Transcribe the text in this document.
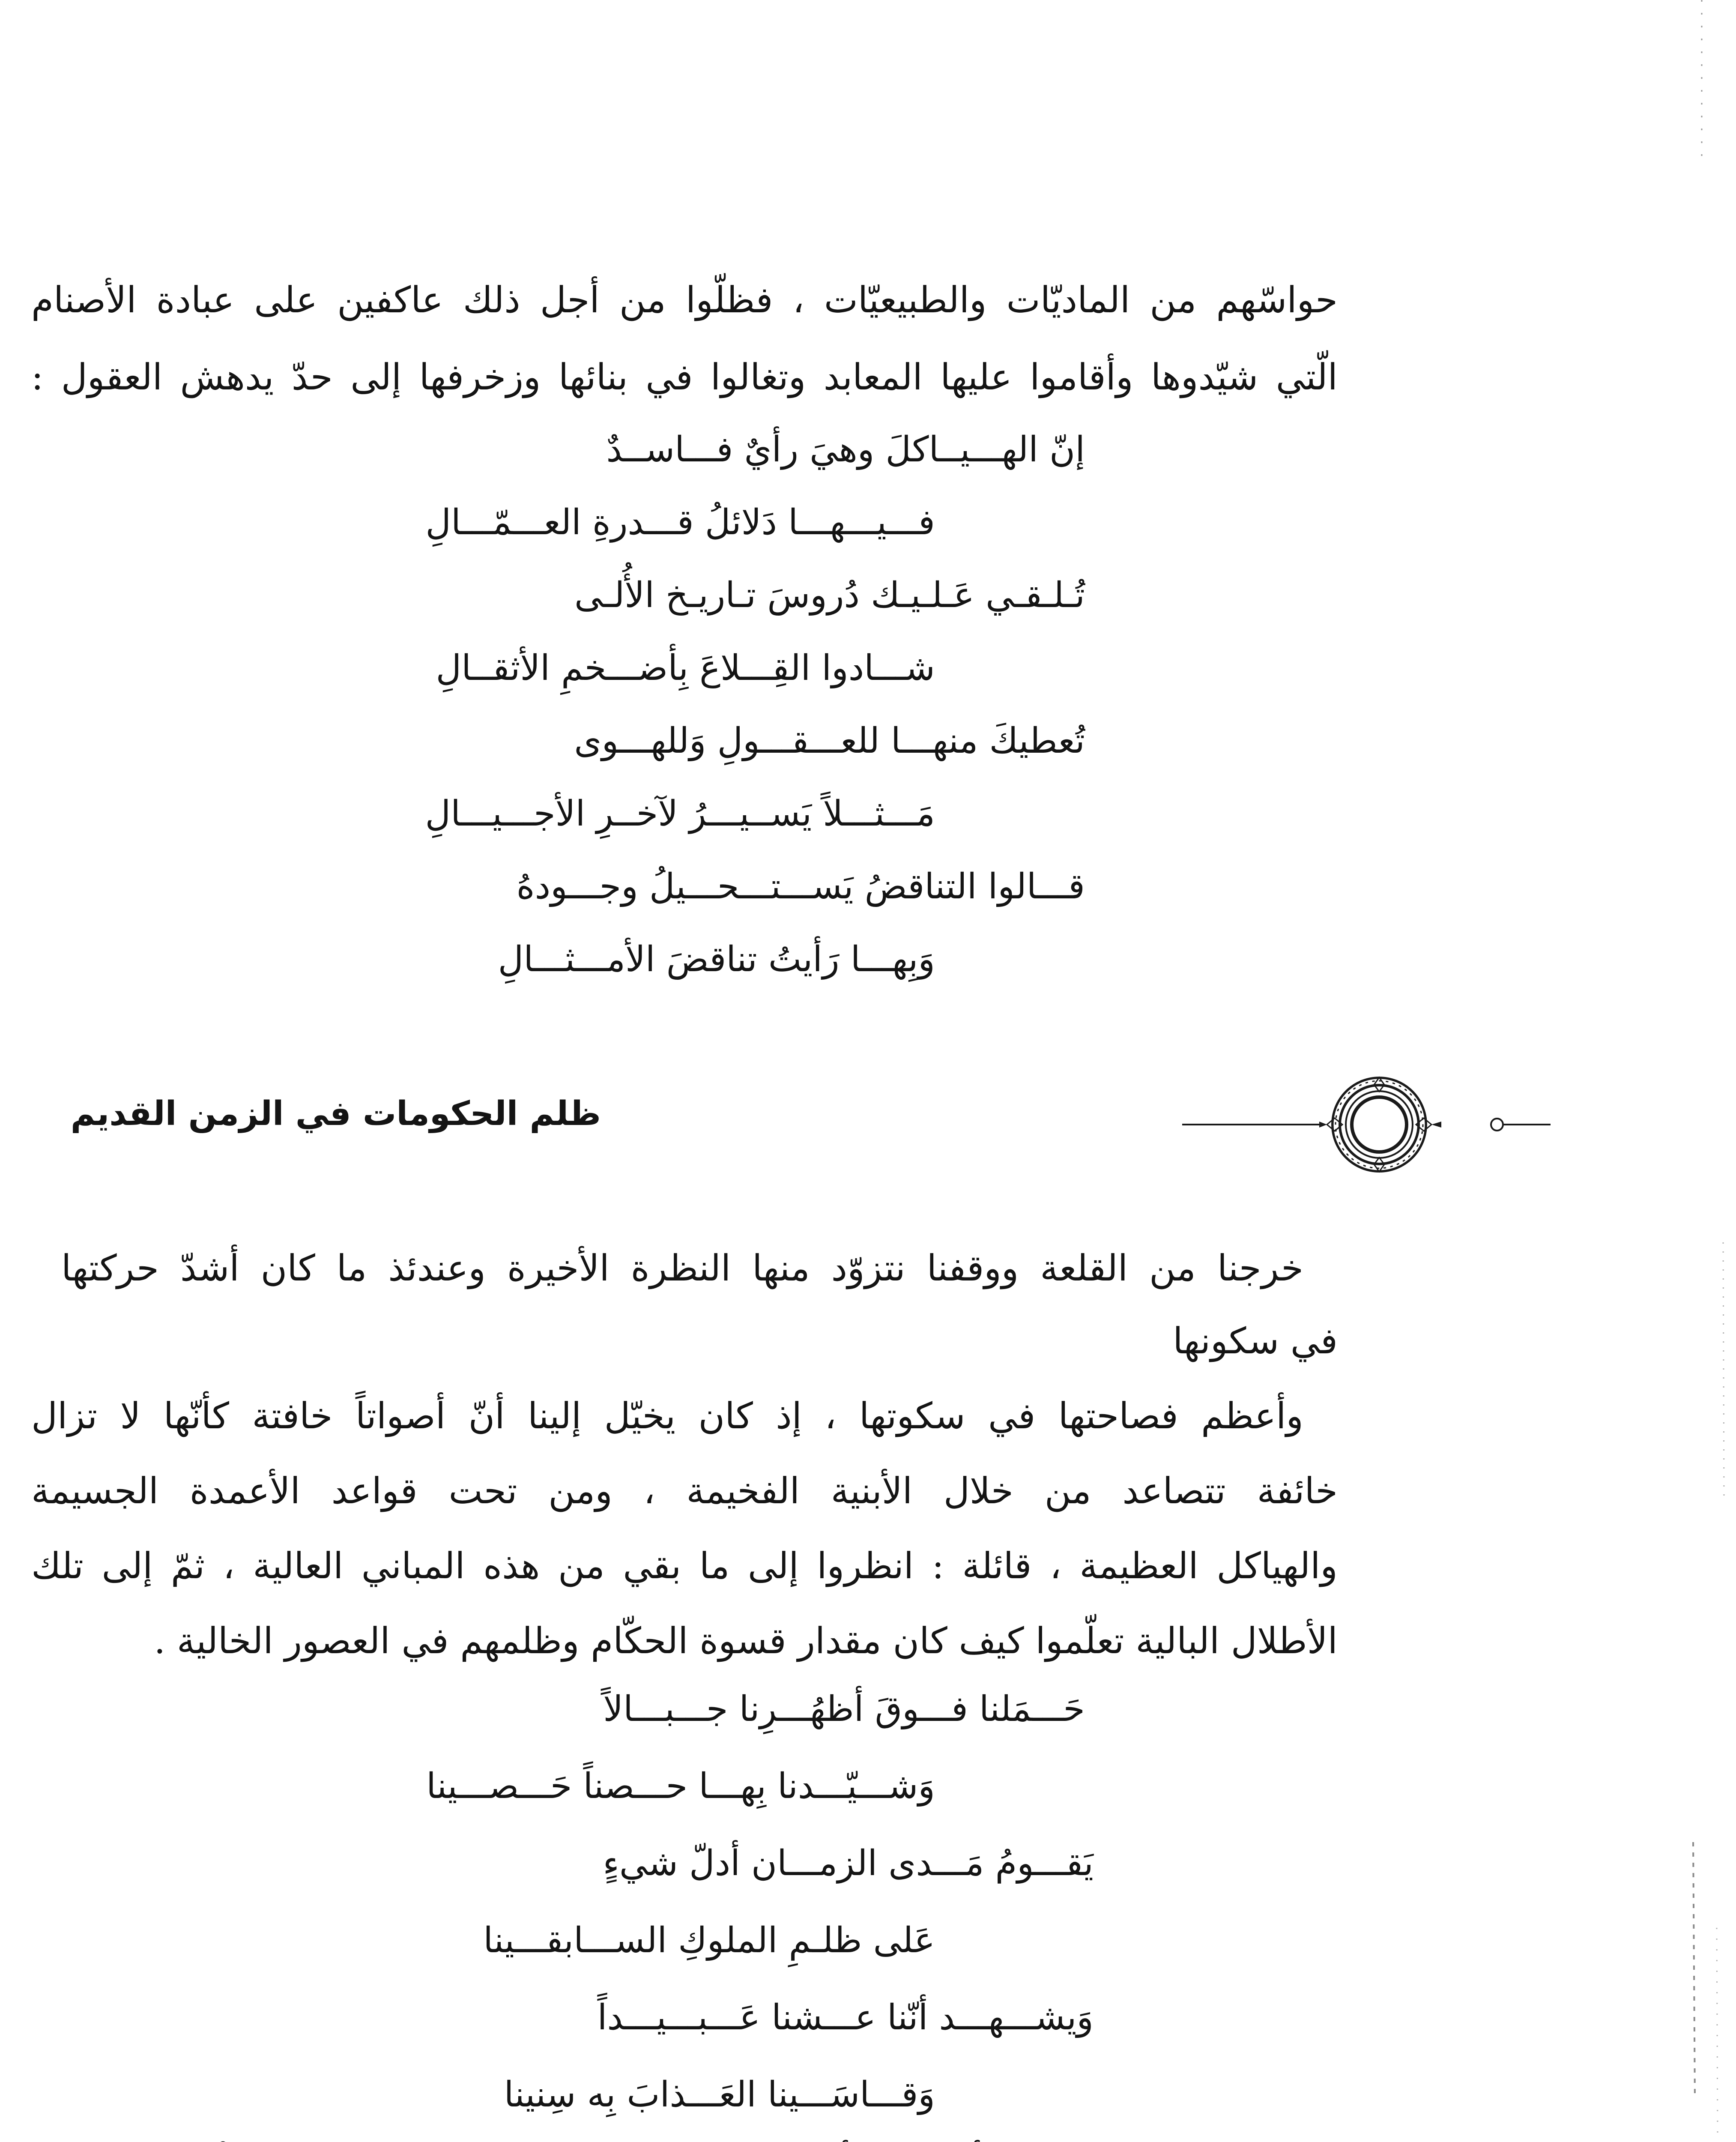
حواسّهم من الماديّات والطبيعيّات ، فظلّوا من أجل ذلك عاكفين على عبادة الأصنام
الّتي شيّدوها وأقاموا عليها المعابد وتغالوا في بنائها وزخرفها إلى حدّ يدهش العقول :
إنّ الهـــيــاكلَ وهيَ رأيٌ فـــاســدٌ
فـــيـــهـــا دَلائلُ قـــدرةِ العـــمّـــالِ
تُـلـقـي عَـلـيـك دُروسَ تـاريـخ الأُلـى
شـــادوا القِـــلاعَ بِأضـــخمِ الأثقــالِ
تُعطيكَ منهـــا للعـــقـــولِ وَللهـــوى
مَـــثـــلاً يَســيـــرُ لآخــرِ الأجـــيـــالِ
قـــالوا التناقضُ يَســـتـــحـــيلُ وجـــودهُ
وَبِهـــا رَأيتُ تناقضَ الأمـــثـــالِ
ظلم الحكومات في الزمن القديم
خرجنا من القلعة ووقفنا نتزوّد منها النظرة الأخيرة وعندئذ ما كان أشدّ حركتها
في سكونها
وأعظم فصاحتها في سكوتها ، إذ كان يخيّل إلينا أنّ أصواتاً خافتة كأنّها لا تزال
خائفة تتصاعد من خلال الأبنية الفخيمة ، ومن تحت قواعد الأعمدة الجسيمة
والهياكل العظيمة ، قائلة : انظروا إلى ما بقي من هذه المباني العالية ، ثمّ إلى تلك
الأطلال البالية تعلّموا كيف كان مقدار قسوة الحكّام وظلمهم في العصور الخالية .
حَـــمَلنا فـــوقَ أظهُـــرِنا جـــبـــالاً
وَشـــيّـــدنا بِهـــا حـــصناً حَـــصـــينا
يَقـــومُ مَـــدى الزمـــان أدلّ شيءٍ
عَلى ظلـمِ الملوكِ الســـابقـــينا
وَيشـــهـــد أنّنا عـــشنا عَـــبـــيـــداً
وَقـــاسَـــينا العَـــذابَ بِه سِنينا
